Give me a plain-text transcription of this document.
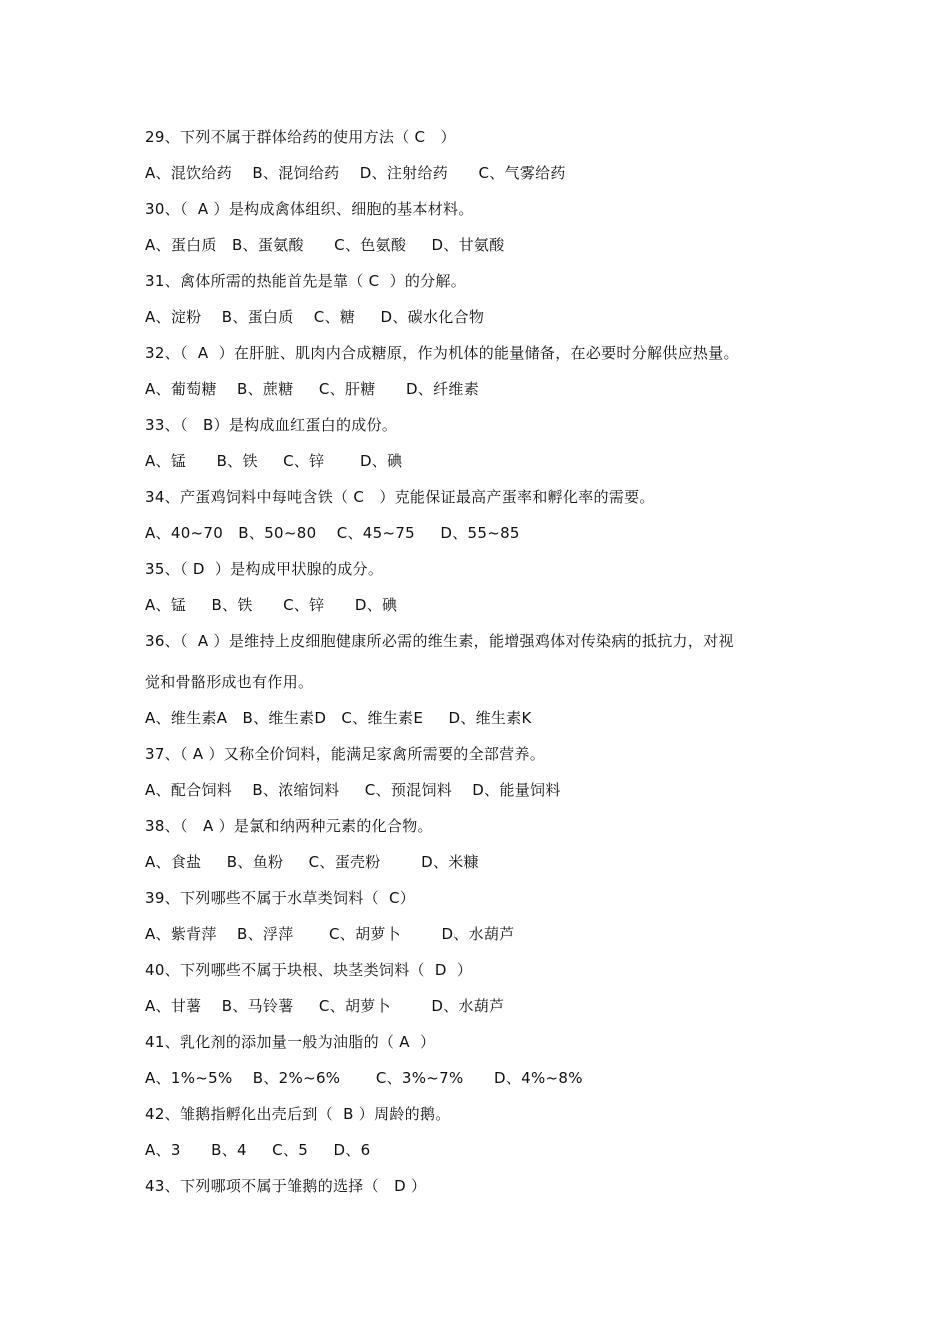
29、下列不属于群体给药的使用方法（ C   ）
A、混饮给药    B、混饲给药    D、注射给药      C、气雾给药
30、（  A ）是构成禽体组织、细胞的基本材料。
A、蛋白质   B、蛋氨酸      C、色氨酸     D、甘氨酸
31、禽体所需的热能首先是靠（ C  ）的分解。
A、淀粉    B、蛋白质    C、糖     D、碳水化合物
32、（  A  ）在肝脏、肌肉内合成糖原，作为机体的能量储备，在必要时分解供应热量。
A、葡萄糖    B、蔗糖     C、肝糖      D、纤维素
33、（   B）是构成血红蛋白的成份。
A、锰      B、铁     C、锌       D、碘
34、产蛋鸡饲料中每吨含铁（ C   ）克能保证最高产蛋率和孵化率的需要。
A、40~70   B、50~80    C、45~75     D、55~85
35、（ D  ）是构成甲状腺的成分。
A、锰     B、铁      C、锌      D、碘
36、（  A ）是维持上皮细胞健康所必需的维生素，能增强鸡体对传染病的抵抗力，对视
觉和骨骼形成也有作用。
A、维生素A   B、维生素D   C、维生素E     D、维生素K
37、（ A ）又称全价饲料，能满足家禽所需要的全部营养。
A、配合饲料    B、浓缩饲料     C、预混饲料    D、能量饲料
38、（   A ）是氯和纳两种元素的化合物。
A、食盐     B、鱼粉     C、蛋壳粉        D、米糠
39、下列哪些不属于水草类饲料（  C）
A、紫背萍    B、浮萍       C、胡萝卜        D、水葫芦
40、下列哪些不属于块根、块茎类饲料（  D  ）
A、甘薯    B、马铃薯     C、胡萝卜        D、水葫芦
41、乳化剂的添加量一般为油脂的（ A  ）
A、1%~5%    B、2%~6%       C、3%~7%      D、4%~8%
42、雏鹅指孵化出壳后到（  B ）周龄的鹅。
A、3      B、4     C、5     D、6
43、下列哪项不属于雏鹅的选择（   D ）
